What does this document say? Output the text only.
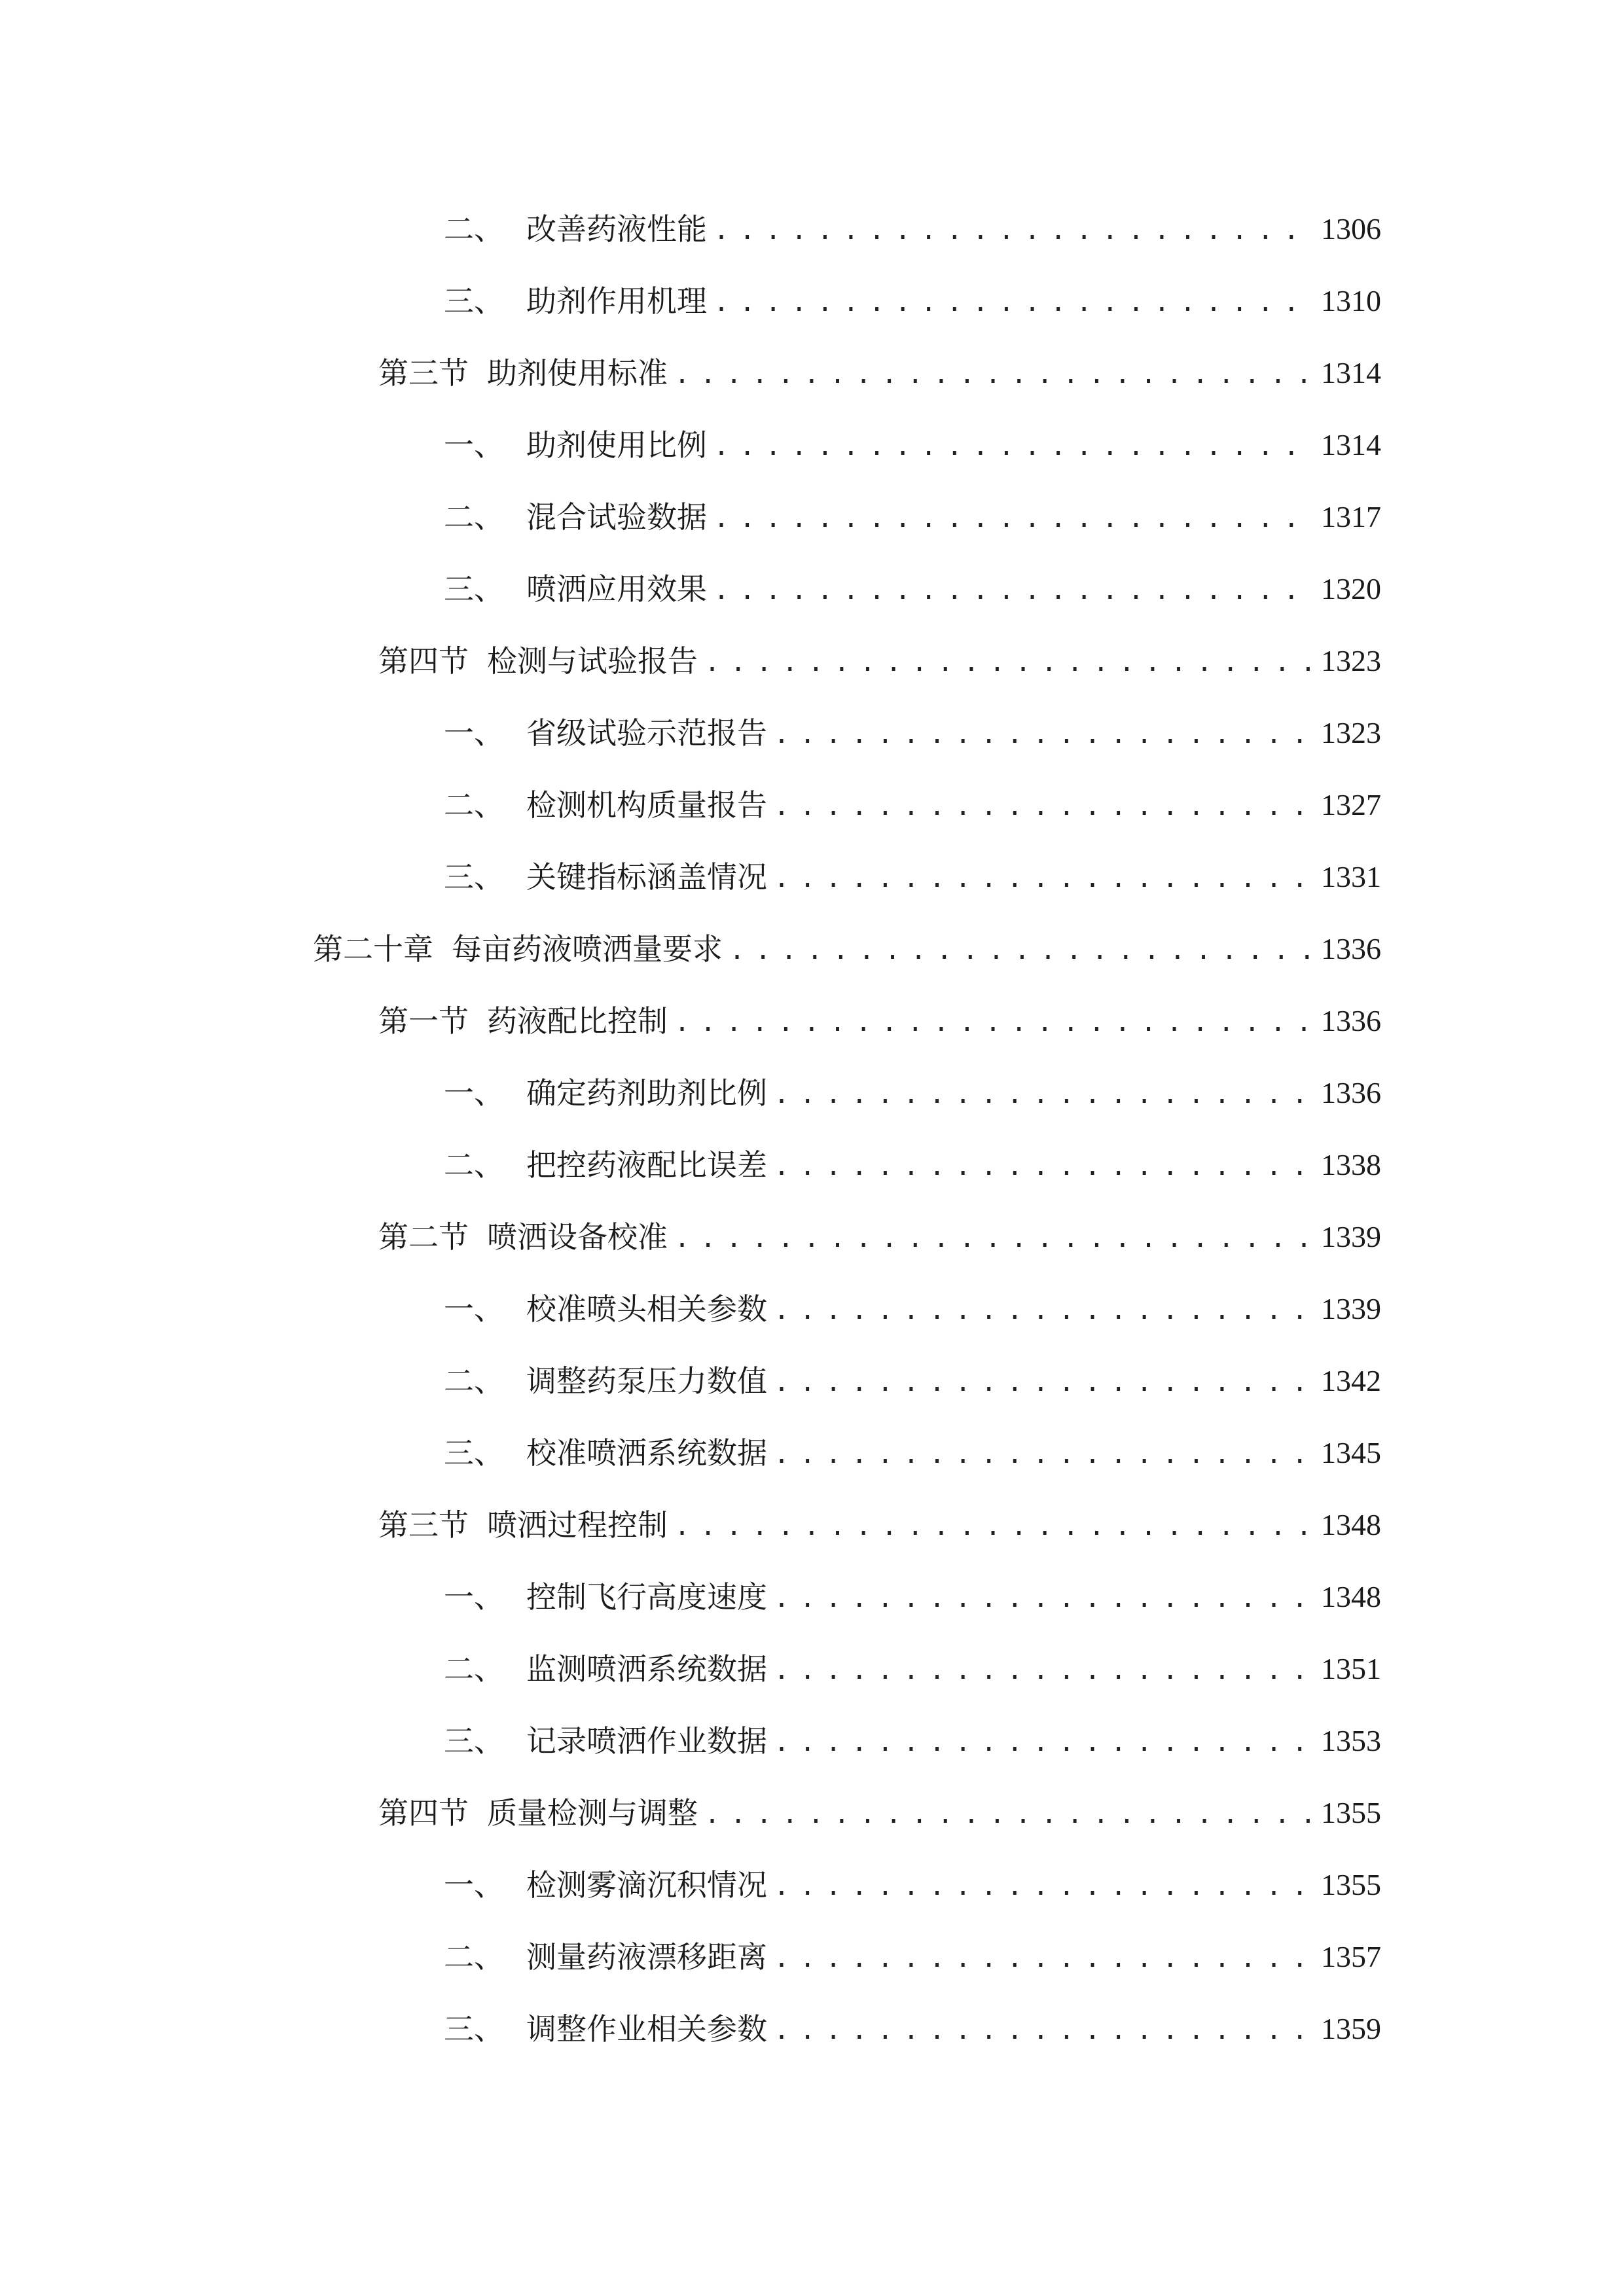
二、 改善药液性能 .....	1306
三、 助剂作用机理 .....	1310
第三节 助剂使用标准 .....	1314
一、 助剂使用比例 .....	1314
二、 混合试验数据 .....	1317
三、 喷洒应用效果 .....	1320
第四节 检测与试验报告 .....	1323
一、 省级试验示范报告 .....	1323
二、 检测机构质量报告 .....	1327
三、 关键指标涵盖情况 .....	1331
第二十章 每亩药液喷洒量要求 .....	1336
第一节 药液配比控制 .....	1336
一、 确定药剂助剂比例 .....	1336
二、 把控药液配比误差 .....	1338
第二节 喷洒设备校准 .....	1339
一、 校准喷头相关参数 .....	1339
二、 调整药泵压力数值 .....	1342
三、 校准喷洒系统数据 .....	1345
第三节 喷洒过程控制 .....	1348
一、 控制飞行高度速度 .....	1348
二、 监测喷洒系统数据 .....	1351
三、 记录喷洒作业数据 .....	1353
第四节 质量检测与调整 .....	1355
一、 检测雾滴沉积情况 .....	1355
二、 测量药液漂移距离 .....	1357
三、 调整作业相关参数 .....	1359
